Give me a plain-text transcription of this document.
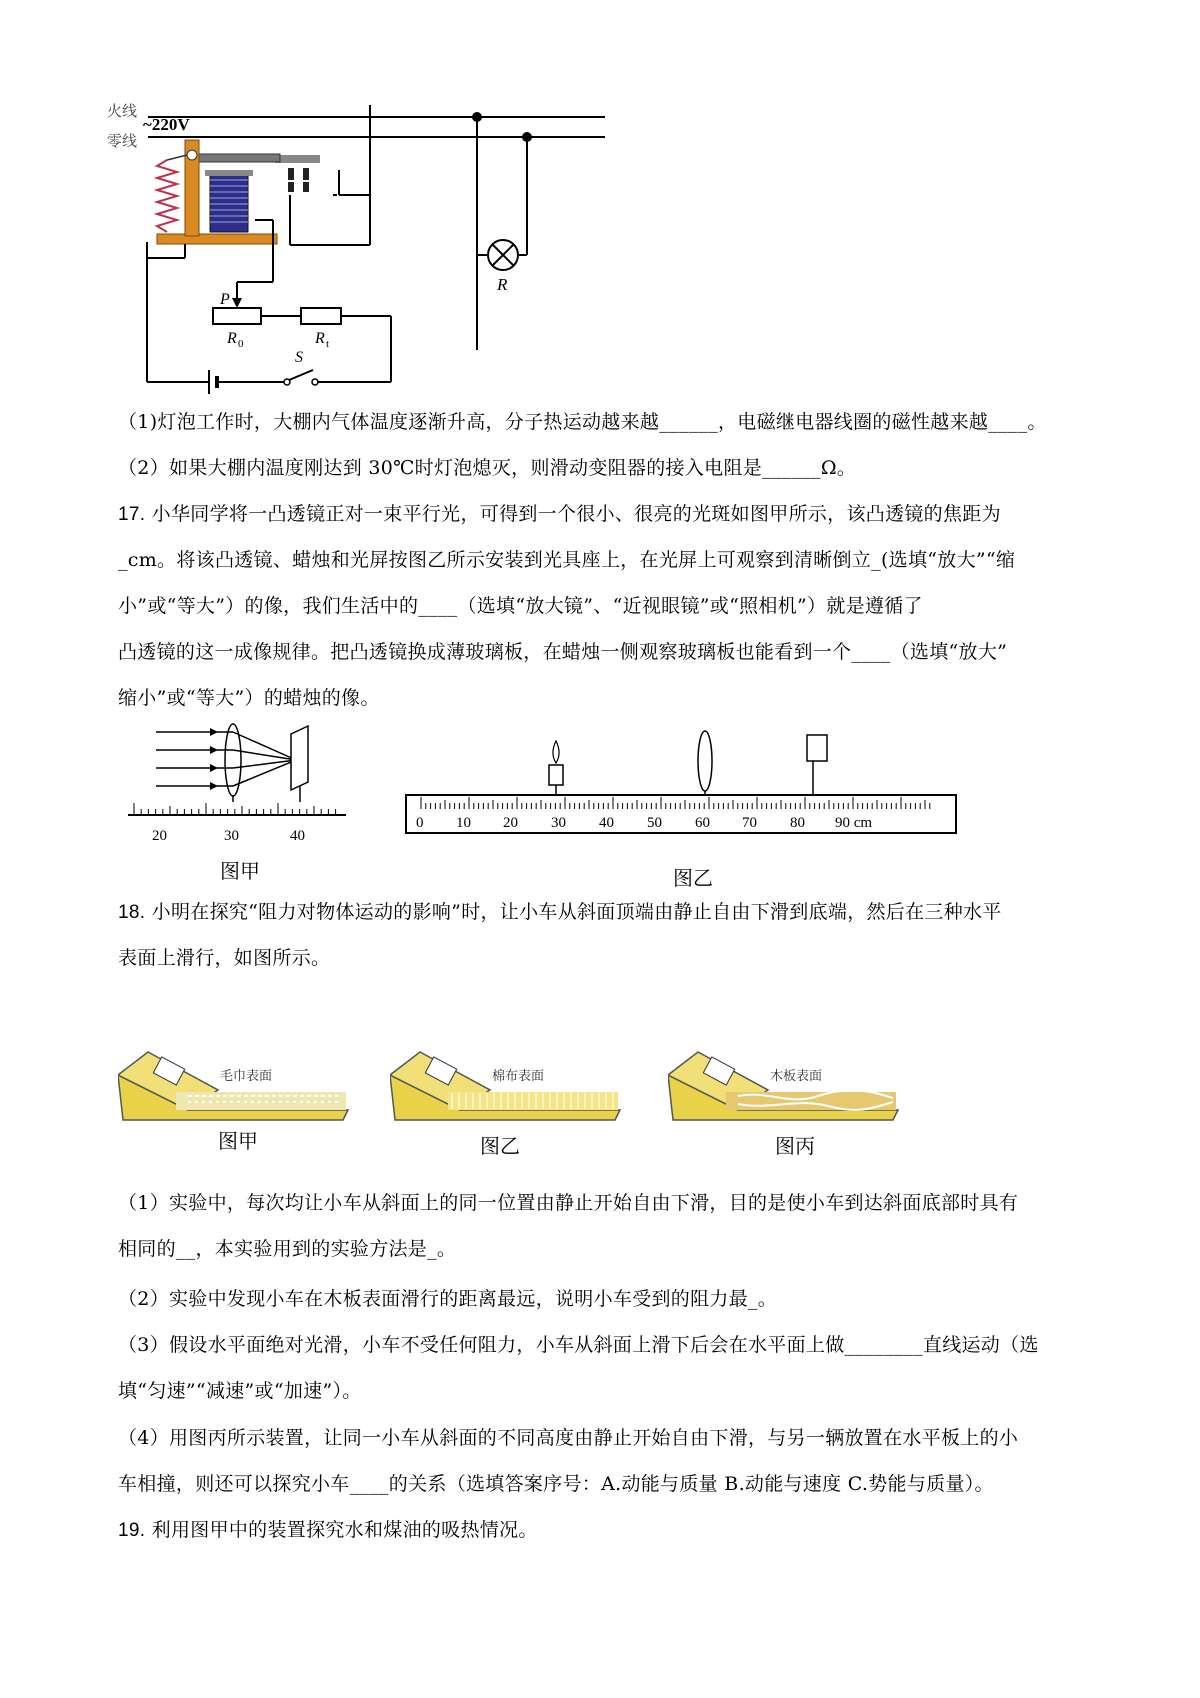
火线
零线
~220V
R
P
R 0	R t
S
（1)灯泡工作时，大棚内气体温度逐渐升高，分子热运动越来越______，电磁继电器线圈的磁性越来越____。
（2）如果大棚内温度刚达到 30℃时灯泡熄灭，则滑动变阻器的接入电阻是______Ω。
17. 小华同学将一凸透镜正对一束平行光，可得到一个很小、很亮的光斑如图甲所示，该凸透镜的焦距为
_cm。将该凸透镜、蜡烛和光屏按图乙所示安装到光具座上，在光屏上可观察到清晰倒立_(选填“放大”“缩
小”或“等大”）的像，我们生活中的____（选填“放大镜”、“近视眼镜”或“照相机”）就是遵循了
凸透镜的这一成像规律。把凸透镜换成薄玻璃板，在蜡烛一侧观察玻璃板也能看到一个____（选填“放大”
缩小”或“等大”）的蜡烛的像。
20	30	40
图甲
0 10 20 30 40 50 60 70 80 90 cm
图乙
18. 小明在探究“阻力对物体运动的影响”时，让小车从斜面顶端由静止自由下滑到底端，然后在三种水平
表面上滑行，如图所示。
毛巾表面
图甲
棉布表面
图乙
木板表面
图丙
（1）实验中，每次均让小车从斜面上的同一位置由静止开始自由下滑，目的是使小车到达斜面底部时具有
相同的__，本实验用到的实验方法是_。
（2）实验中发现小车在木板表面滑行的距离最远，说明小车受到的阻力最_。
（3）假设水平面绝对光滑，小车不受任何阻力，小车从斜面上滑下后会在水平面上做________直线运动（选
填“匀速”“减速”或“加速”）。
（4）用图丙所示装置，让同一小车从斜面的不同高度由静止开始自由下滑，与另一辆放置在水平板上的小
车相撞，则还可以探究小车____的关系（选填答案序号：A.动能与质量 B.动能与速度 C.势能与质量）。
19. 利用图甲中的装置探究水和煤油的吸热情况。
